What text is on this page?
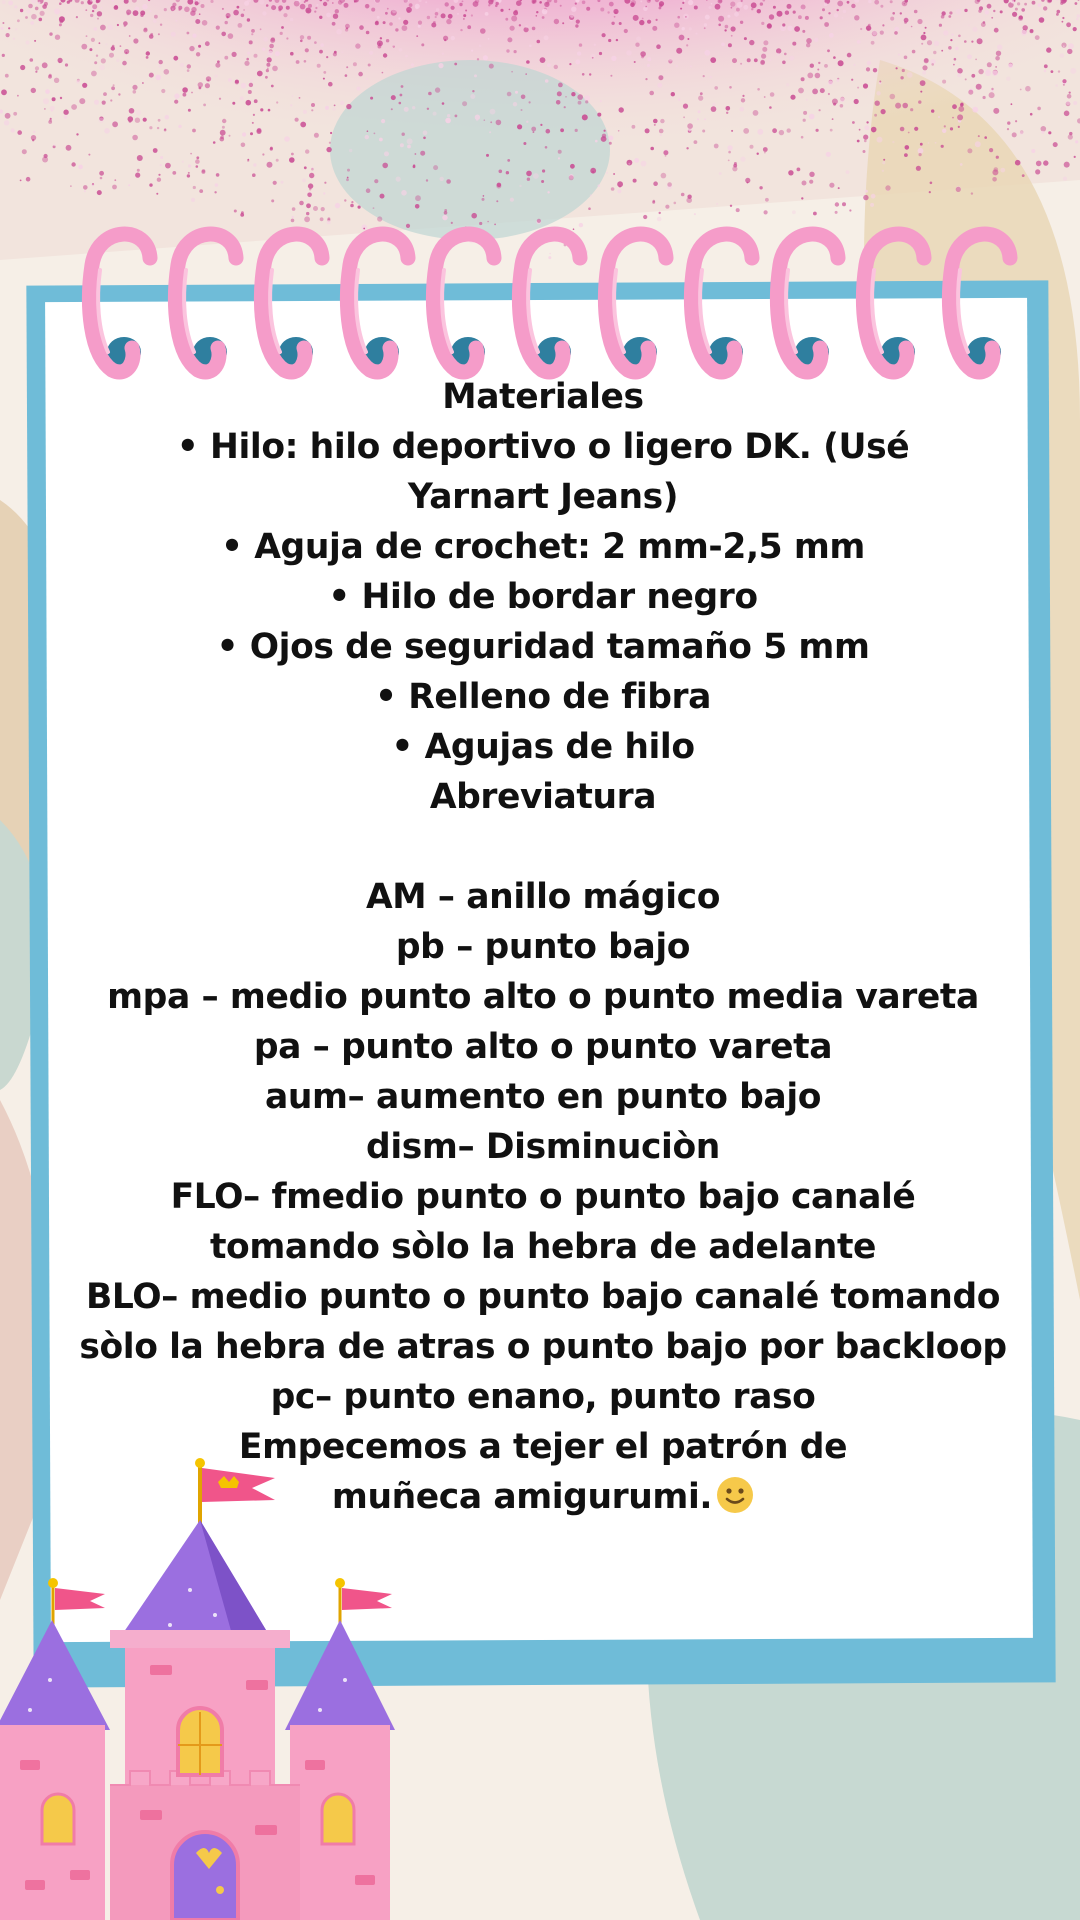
Materiales
• Hilo: hilo deportivo o ligero DK. (Usé Yarnart Jeans)
• Aguja de crochet: 2 mm-2,5 mm
• Hilo de bordar negro
• Ojos de seguridad tamaño 5 mm
• Relleno de fibra
• Agujas de hilo
Abreviatura
AM – anillo mágico
pb – punto bajo
mpa – medio punto alto o punto media vareta
pa – punto alto o punto vareta
aum– aumento en punto bajo
dism– Disminuciòn
FLO– fmedio punto o punto bajo canalé tomando sòlo la hebra de adelante
BLO– medio punto o punto bajo canalé tomando sòlo la hebra de atras o punto bajo por backloop
pc– punto enano, punto raso
Empecemos a tejer el patrón de muñeca amigurumi.
